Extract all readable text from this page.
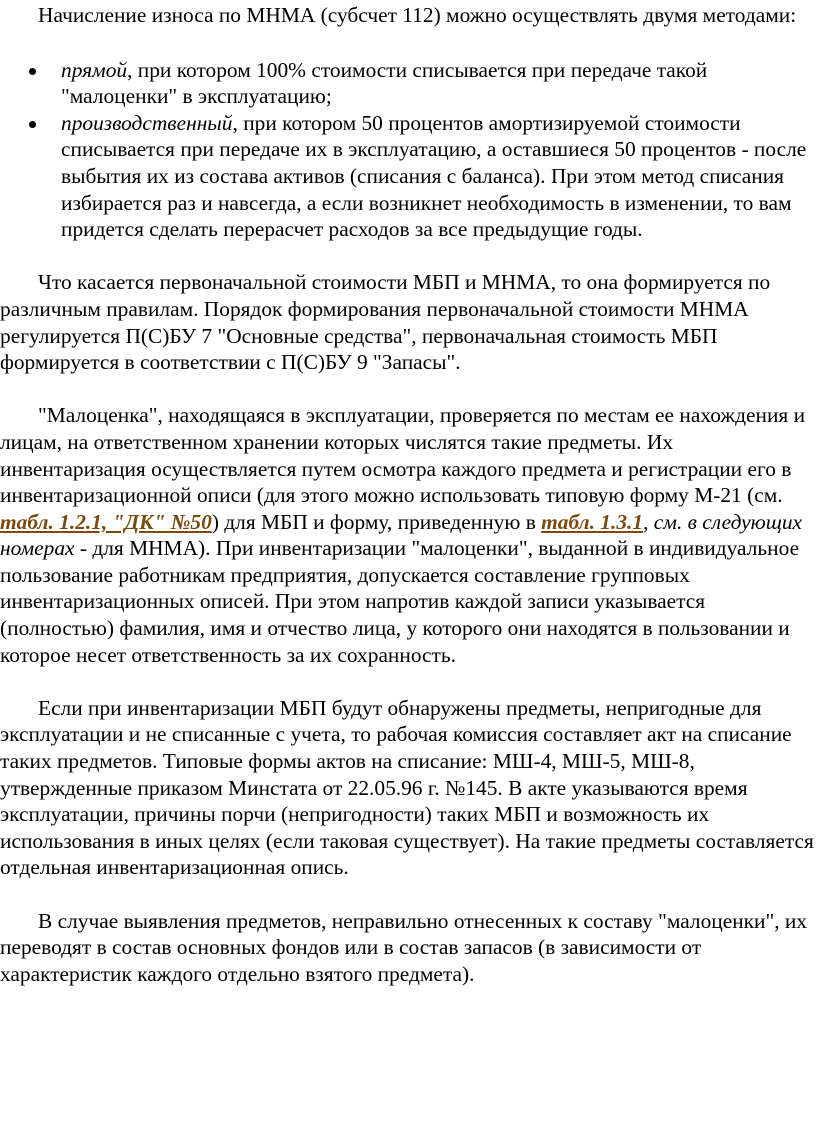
Начисление износа по МНМА (субсчет 112) можно осуществлять двумя методами:

прямой, при котором 100% стоимости списывается при передаче такой "малоценки" в эксплуатацию;
производственный, при котором 50 процентов амортизируемой стоимости списывается при передаче их в эксплуатацию, а оставшиеся 50 процентов - после выбытия их из состава активов (списания с баланса). При этом метод списания избирается раз и навсегда, а если возникнет необходимость в изменении, то вам придется сделать перерасчет расходов за все предыдущие годы.

Что касается первоначальной стоимости МБП и МНМА, то она формируется по различным правилам. Порядок формирования первоначальной стоимости МНМА регулируется П(С)БУ 7 "Основные средства", первоначальная стоимость МБП формируется в соответствии с П(С)БУ 9 "Запасы".

"Малоценка", находящаяся в эксплуатации, проверяется по местам ее нахождения и лицам, на ответственном хранении которых числятся такие предметы. Их инвентаризация осуществляется путем осмотра каждого предмета и регистрации его в инвентаризационной описи (для этого можно использовать типовую форму М-21 (см. табл. 1.2.1, "ДК" №50) для МБП и форму, приведенную в табл. 1.3.1, см. в следующих номерах - для МНМА). При инвентаризации "малоценки", выданной в индивидуальное пользование работникам предприятия, допускается составление групповых инвентаризационных описей. При этом напротив каждой записи указывается (полностью) фамилия, имя и отчество лица, у которого они находятся в пользовании и которое несет ответственность за их сохранность.

Если при инвентаризации МБП будут обнаружены предметы, непригодные для эксплуатации и не списанные с учета, то рабочая комиссия составляет акт на списание таких предметов. Типовые формы актов на списание: МШ-4, МШ-5, МШ-8, утвержденные приказом Минстата от 22.05.96 г. №145. В акте указываются время эксплуатации, причины порчи (непригодности) таких МБП и возможность их использования в иных целях (если таковая существует). На такие предметы составляется отдельная инвентаризационная опись.

В случае выявления предметов, неправильно отнесенных к составу "малоценки", их переводят в состав основных фондов или в состав запасов (в зависимости от характеристик каждого отдельно взятого предмета).
